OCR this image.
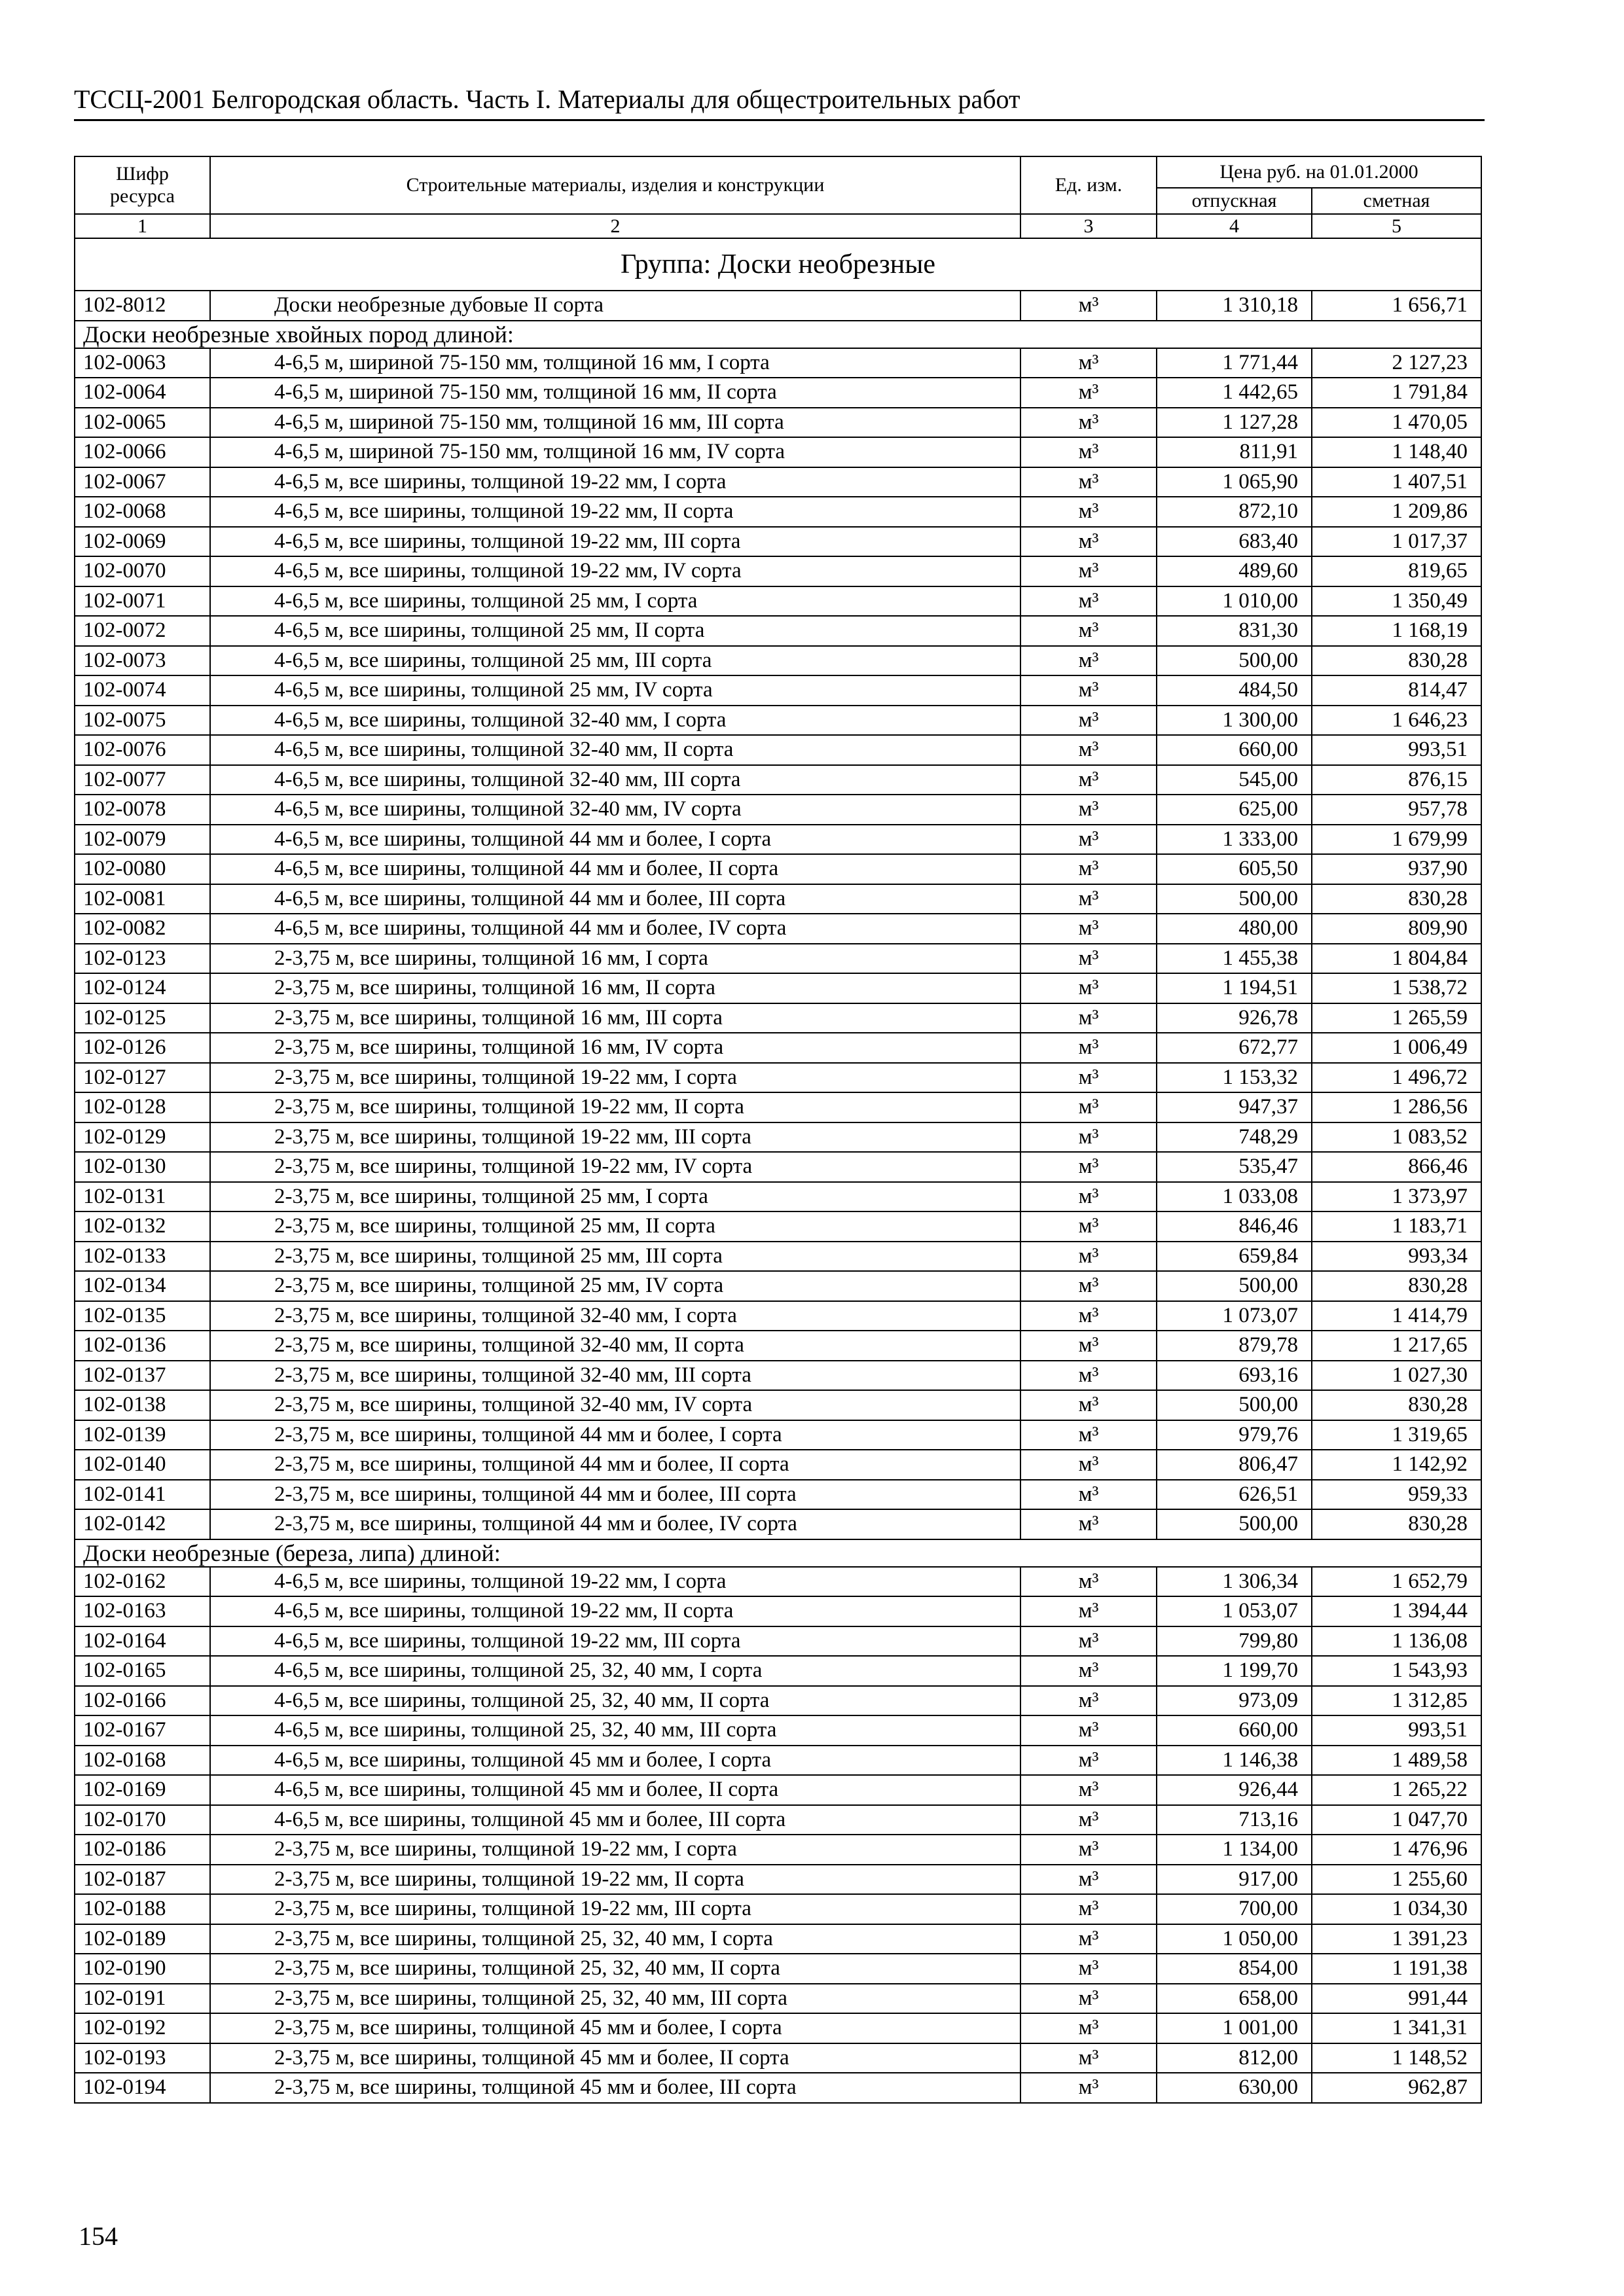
ТССЦ-2001 Белгородская область. Часть I. Материалы для общестроительных работ
Шифр ресурса	Строительные материалы, изделия и конструкции	Ед. изм.	Цена руб. на 01.01.2000	
			отпускная	сметная
1	2	3	4	5
Группа: Доски необрезные				
102-8012	Доски необрезные дубовые II сорта	м³	1 310,18	1 656,71
Доски необрезные хвойных пород длиной:				
102-0063	4-6,5 м, шириной 75-150 мм, толщиной 16 мм, I сорта	м³	1 771,44	2 127,23
102-0064	4-6,5 м, шириной 75-150 мм, толщиной 16 мм, II сорта	м³	1 442,65	1 791,84
102-0065	4-6,5 м, шириной 75-150 мм, толщиной 16 мм, III сорта	м³	1 127,28	1 470,05
102-0066	4-6,5 м, шириной 75-150 мм, толщиной 16 мм, IV сорта	м³	811,91	1 148,40
102-0067	4-6,5 м, все ширины, толщиной 19-22 мм, I сорта	м³	1 065,90	1 407,51
102-0068	4-6,5 м, все ширины, толщиной 19-22 мм, II сорта	м³	872,10	1 209,86
102-0069	4-6,5 м, все ширины, толщиной 19-22 мм, III сорта	м³	683,40	1 017,37
102-0070	4-6,5 м, все ширины, толщиной 19-22 мм, IV сорта	м³	489,60	819,65
102-0071	4-6,5 м, все ширины, толщиной 25 мм, I сорта	м³	1 010,00	1 350,49
102-0072	4-6,5 м, все ширины, толщиной 25 мм, II сорта	м³	831,30	1 168,19
102-0073	4-6,5 м, все ширины, толщиной 25 мм, III сорта	м³	500,00	830,28
102-0074	4-6,5 м, все ширины, толщиной 25 мм, IV сорта	м³	484,50	814,47
102-0075	4-6,5 м, все ширины, толщиной 32-40 мм, I сорта	м³	1 300,00	1 646,23
102-0076	4-6,5 м, все ширины, толщиной 32-40 мм, II сорта	м³	660,00	993,51
102-0077	4-6,5 м, все ширины, толщиной 32-40 мм, III сорта	м³	545,00	876,15
102-0078	4-6,5 м, все ширины, толщиной 32-40 мм, IV сорта	м³	625,00	957,78
102-0079	4-6,5 м, все ширины, толщиной 44 мм и более, I сорта	м³	1 333,00	1 679,99
102-0080	4-6,5 м, все ширины, толщиной 44 мм и более, II сорта	м³	605,50	937,90
102-0081	4-6,5 м, все ширины, толщиной 44 мм и более, III сорта	м³	500,00	830,28
102-0082	4-6,5 м, все ширины, толщиной 44 мм и более, IV сорта	м³	480,00	809,90
102-0123	2-3,75 м, все ширины, толщиной 16 мм, I сорта	м³	1 455,38	1 804,84
102-0124	2-3,75 м, все ширины, толщиной 16 мм, II сорта	м³	1 194,51	1 538,72
102-0125	2-3,75 м, все ширины, толщиной 16 мм, III сорта	м³	926,78	1 265,59
102-0126	2-3,75 м, все ширины, толщиной 16 мм, IV сорта	м³	672,77	1 006,49
102-0127	2-3,75 м, все ширины, толщиной 19-22 мм, I сорта	м³	1 153,32	1 496,72
102-0128	2-3,75 м, все ширины, толщиной 19-22 мм, II сорта	м³	947,37	1 286,56
102-0129	2-3,75 м, все ширины, толщиной 19-22 мм, III сорта	м³	748,29	1 083,52
102-0130	2-3,75 м, все ширины, толщиной 19-22 мм, IV сорта	м³	535,47	866,46
102-0131	2-3,75 м, все ширины, толщиной 25 мм, I сорта	м³	1 033,08	1 373,97
102-0132	2-3,75 м, все ширины, толщиной 25 мм, II сорта	м³	846,46	1 183,71
102-0133	2-3,75 м, все ширины, толщиной 25 мм, III сорта	м³	659,84	993,34
102-0134	2-3,75 м, все ширины, толщиной 25 мм, IV сорта	м³	500,00	830,28
102-0135	2-3,75 м, все ширины, толщиной 32-40 мм, I сорта	м³	1 073,07	1 414,79
102-0136	2-3,75 м, все ширины, толщиной 32-40 мм, II сорта	м³	879,78	1 217,65
102-0137	2-3,75 м, все ширины, толщиной 32-40 мм, III сорта	м³	693,16	1 027,30
102-0138	2-3,75 м, все ширины, толщиной 32-40 мм, IV сорта	м³	500,00	830,28
102-0139	2-3,75 м, все ширины, толщиной 44 мм и более, I сорта	м³	979,76	1 319,65
102-0140	2-3,75 м, все ширины, толщиной 44 мм и более, II сорта	м³	806,47	1 142,92
102-0141	2-3,75 м, все ширины, толщиной 44 мм и более, III сорта	м³	626,51	959,33
102-0142	2-3,75 м, все ширины, толщиной 44 мм и более, IV сорта	м³	500,00	830,28
Доски необрезные (береза, липа) длиной:				
102-0162	4-6,5 м, все ширины, толщиной 19-22 мм, I сорта	м³	1 306,34	1 652,79
102-0163	4-6,5 м, все ширины, толщиной 19-22 мм, II сорта	м³	1 053,07	1 394,44
102-0164	4-6,5 м, все ширины, толщиной 19-22 мм, III сорта	м³	799,80	1 136,08
102-0165	4-6,5 м, все ширины, толщиной 25, 32, 40 мм, I сорта	м³	1 199,70	1 543,93
102-0166	4-6,5 м, все ширины, толщиной 25, 32, 40 мм, II сорта	м³	973,09	1 312,85
102-0167	4-6,5 м, все ширины, толщиной 25, 32, 40 мм, III сорта	м³	660,00	993,51
102-0168	4-6,5 м, все ширины, толщиной 45 мм и более, I сорта	м³	1 146,38	1 489,58
102-0169	4-6,5 м, все ширины, толщиной 45 мм и более, II сорта	м³	926,44	1 265,22
102-0170	4-6,5 м, все ширины, толщиной 45 мм и более, III сорта	м³	713,16	1 047,70
102-0186	2-3,75 м, все ширины, толщиной 19-22 мм, I сорта	м³	1 134,00	1 476,96
102-0187	2-3,75 м, все ширины, толщиной 19-22 мм, II сорта	м³	917,00	1 255,60
102-0188	2-3,75 м, все ширины, толщиной 19-22 мм, III сорта	м³	700,00	1 034,30
102-0189	2-3,75 м, все ширины, толщиной 25, 32, 40 мм, I сорта	м³	1 050,00	1 391,23
102-0190	2-3,75 м, все ширины, толщиной 25, 32, 40 мм, II сорта	м³	854,00	1 191,38
102-0191	2-3,75 м, все ширины, толщиной 25, 32, 40 мм, III сорта	м³	658,00	991,44
102-0192	2-3,75 м, все ширины, толщиной 45 мм и более, I сорта	м³	1 001,00	1 341,31
102-0193	2-3,75 м, все ширины, толщиной 45 мм и более, II сорта	м³	812,00	1 148,52
102-0194	2-3,75 м, все ширины, толщиной 45 мм и более, III сорта	м³	630,00	962,87
154
